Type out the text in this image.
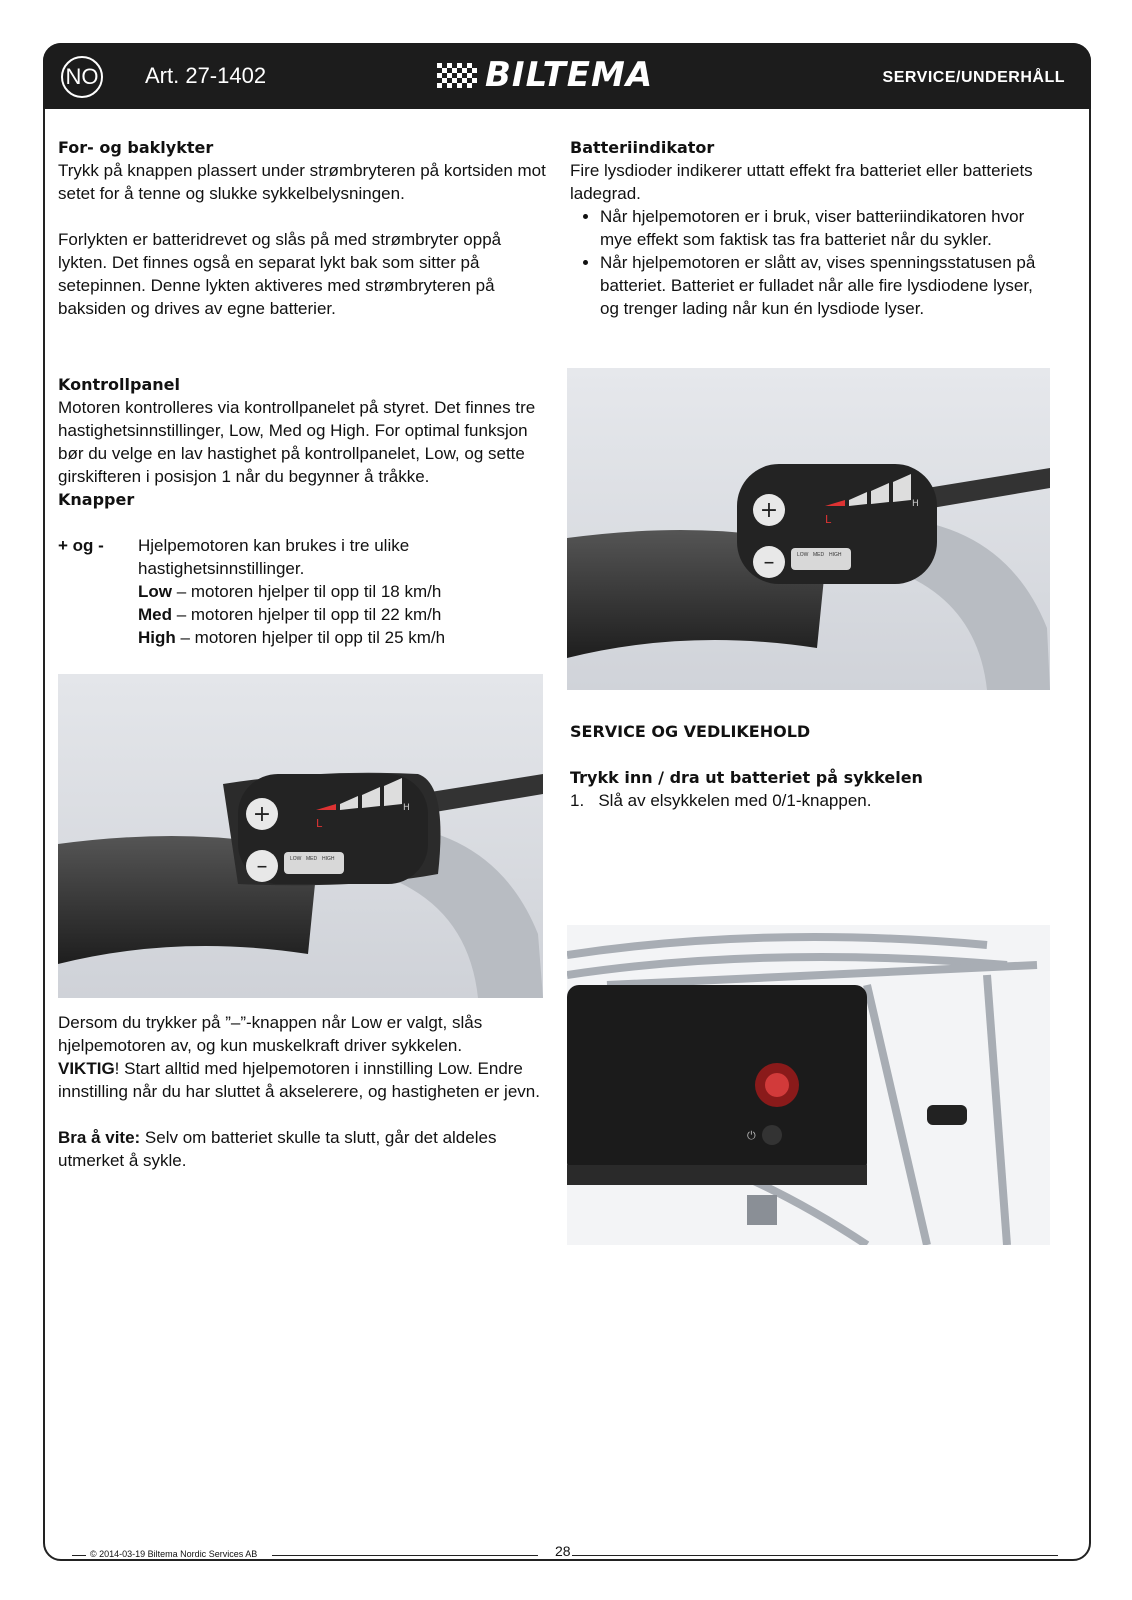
NO Art. 27-1402	BILTEMA	SERVICE/UNDERHÅLL
For- og baklykter

Trykk på knappen plassert under strømbryteren på kortsiden mot setet for å tenne og slukke sykkelbelysningen.

Forlykten er batteridrevet og slås på med strømbryter oppå lykten. Det finnes også en separat lykt bak som sitter på setepinnen. Denne lykten aktiveres med strømbryteren på baksiden og drives av egne batterier.

Kontrollpanel

Motoren kontrolleres via kontrollpanelet på styret. Det finnes tre hastighetsinnstillinger, Low, Med og High. For optimal funksjon bør du velge en lav hastighet på kontrollpanelet, Low, og sette girskifteren i posisjon 1 når du begynner å tråkke.

Knapper
+ og -	Hjelpemotoren kan brukes i tre ulike hastighetsinnstillinger.

Low – motoren hjelper til opp til 18 km/h

Med – motoren hjelper til opp til 22 km/h

High – motoren hjelper til opp til 25 km/h

+
–
L
H
LOW MED HIGH

Dersom du trykker på ”–”-knappen når Low er valgt, slås hjelpemotoren av, og kun muskelkraft driver sykkelen.

VIKTIG! Start alltid med hjelpemotoren i innstilling Low. Endre innstilling når du har sluttet å akselerere, og hastigheten er jevn.

Bra å vite: Selv om batteriet skulle ta slutt, går det aldeles utmerket å sykle.

Batteriindikator

Fire lysdioder indikerer uttatt effekt fra batteriet eller batteriets ladegrad.

• Når hjelpemotoren er i bruk, viser batteriindikatoren hvor mye effekt som faktisk tas fra batteriet når du sykler.
• Når hjelpemotoren er slått av, vises spenningsstatusen på batteriet. Batteriet er fulladet når alle fire lysdiodene lyser, og trenger lading når kun én lysdiode lyser.
+
–
L
H
LOW MED HIGH
SERVICE OG VEDLIKEHOLD
Trykk inn / dra ut batteriet på sykkelen

1.   Slå av elsykkelen med 0/1-knappen.

⏻
© 2014-03-19 Biltema Nordic Services AB	28
